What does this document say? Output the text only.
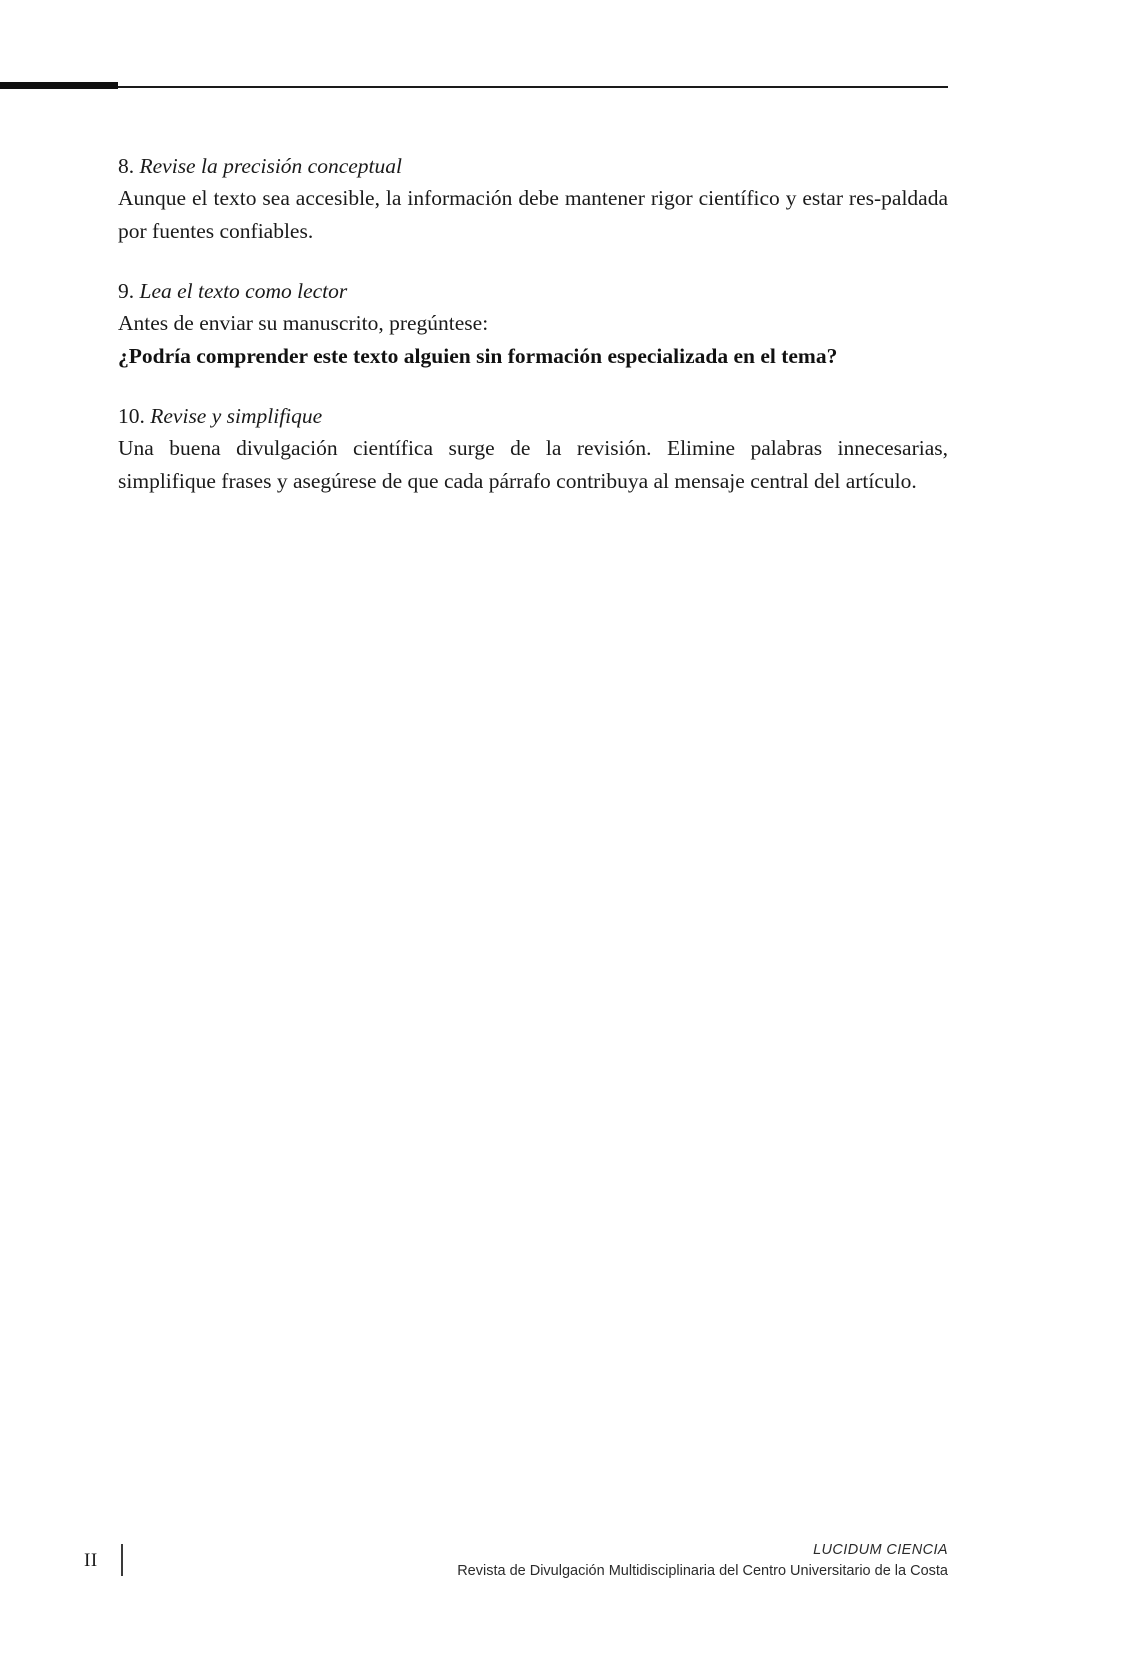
8. Revise la precisión conceptual

Aunque el texto sea accesible, la información debe mantener rigor científico y estar res-paldada por fuentes confiables.

9. Lea el texto como lector

Antes de enviar su manuscrito, pregúntese:

¿Podría comprender este texto alguien sin formación especializada en el tema?

10. Revise y simplifique

Una buena divulgación científica surge de la revisión. Elimine palabras innecesarias, simplifique frases y asegúrese de que cada párrafo contribuya al mensaje central del artículo.

II	LUCIDUM CIENCIA
Revista de Divulgación Multidisciplinaria del Centro Universitario de la Costa
